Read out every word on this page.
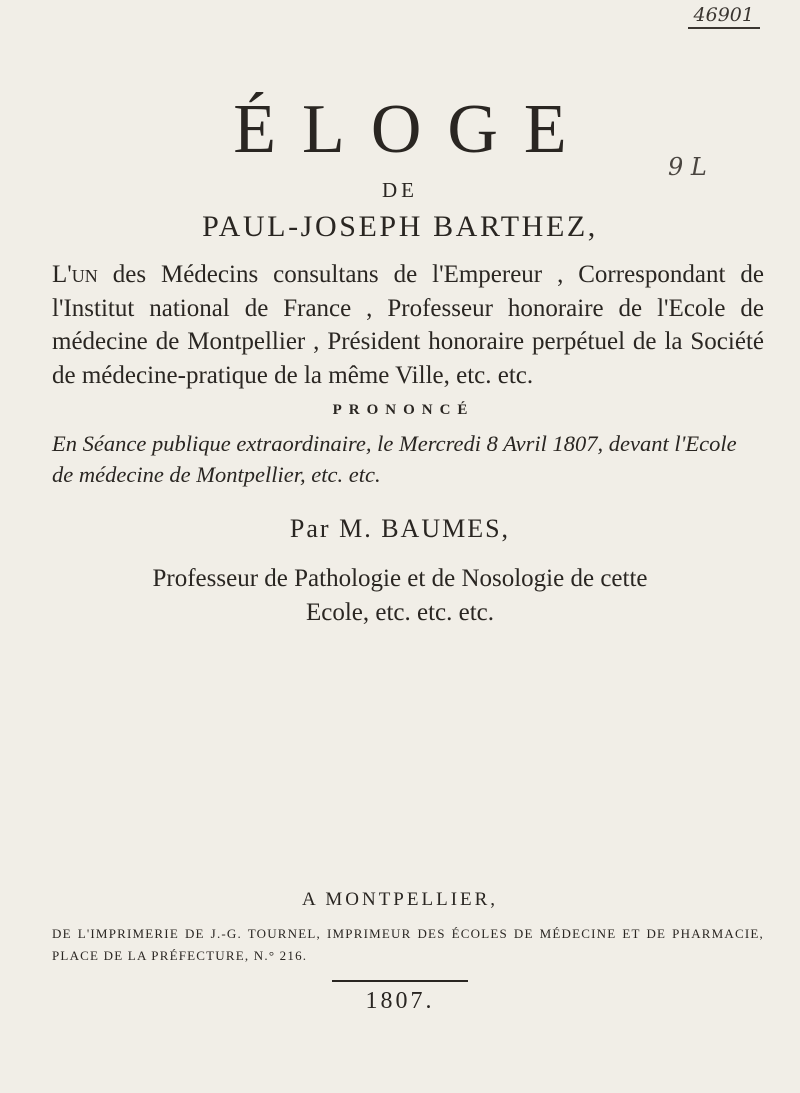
46901
9 L
ÉLOGE
DE
PAUL-JOSEPH BARTHEZ,
L'un des Médecins consultans de l'Empereur , Correspondant de l'Institut national de France , Professeur honoraire de l'Ecole de médecine de Montpellier , Président honoraire perpétuel de la Société de médecine-pratique de la même Ville, etc. etc.
PRONONCÉ
En Séance publique extraordinaire, le Mercredi 8 Avril 1807, devant l'Ecole de médecine de Montpellier, etc. etc.
Par M. BAUMES,
Professeur de Pathologie et de Nosologie de cette
Ecole, etc. etc. etc.
A MONTPELLIER,
DE L'IMPRIMERIE DE J.-G. TOURNEL, IMPRIMEUR DES ÉCOLES DE MÉDECINE ET DE PHARMACIE, PLACE DE LA PRÉFECTURE, N.° 216.
1807.
